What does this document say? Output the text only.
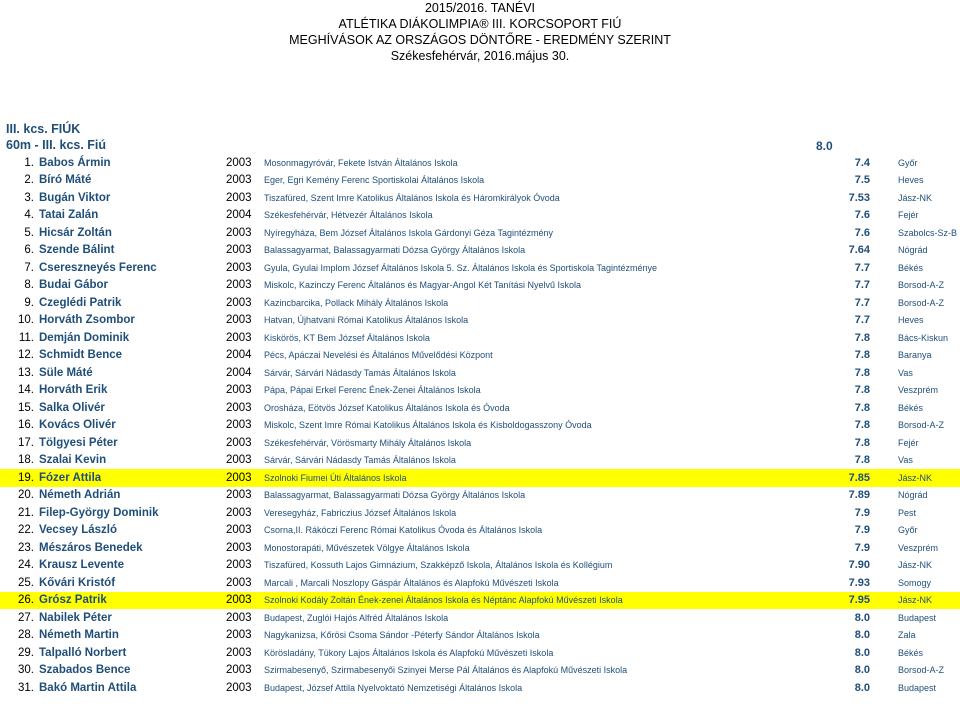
2015/2016. TANÉVI
ATLÉTIKA DIÁKOLIMPIA® III. KORCSOPORT FIÚ
MEGHÍVÁSOK AZ ORSZÁGOS DÖNTŐRE - EREDMÉNY SZERINT
Székesfehérvár, 2016.május 30.
III. kcs. FIÚK
60m - III. kcs. Fiú	8.0
1.	Babos Ármin	2003	Mosonmagyróvár, Fekete István Általános Iskola	7.4	Győr
2.	Bíró Máté	2003	Eger, Egri Kemény Ferenc Sportiskolai Általános Iskola	7.5	Heves
3.	Bugán Viktor	2003	Tiszafüred, Szent Imre Katolikus Általános Iskola és Háromkirályok Óvoda	7.53	Jász-NK
4.	Tatai Zalán	2004	Székesfehérvár, Hétvezér Általános Iskola	7.6	Fejér
5.	Hicsár Zoltán	2003	Nyíregyháza, Bem József Általános Iskola Gárdonyi Géza Tagintézmény	7.6	Szabolcs-Sz-B
6.	Szende Bálint	2003	Balassagyarmat, Balassagyarmati Dózsa György Általános Iskola	7.64	Nógrád
7.	Csereszneyés Ferenc	2003	Gyula, Gyulai Implom József Általános Iskola 5. Sz. Általános Iskola és Sportiskola Tagintézménye	7.7	Békés
8.	Budai Gábor	2003	Miskolc, Kazinczy Ferenc Általános és Magyar-Angol Két Tanítási Nyelvű Iskola	7.7	Borsod-A-Z
9.	Czeglédi Patrik	2003	Kazincbarcika, Pollack Mihály Általános Iskola	7.7	Borsod-A-Z
10.	Horváth Zsombor	2003	Hatvan, Újhatvani Római Katolikus Általános Iskola	7.7	Heves
11.	Demján Dominik	2003	Kiskörös, KT Bem József Általános Iskola	7.8	Bács-Kiskun
12.	Schmidt Bence	2004	Pécs, Apáczai Nevelési és Általános Művelődési Központ	7.8	Baranya
13.	Süle Máté	2004	Sárvár, Sárvári Nádasdy Tamás Általános Iskola	7.8	Vas
14.	Horváth Erik	2003	Pápa, Pápai Erkel Ferenc Ének-Zenei Általános Iskola	7.8	Veszprém
15.	Salka Olivér	2003	Orosháza, Eötvös József Katolikus Általános Iskola és Óvoda	7.8	Békés
16.	Kovács Olivér	2003	Miskolc, Szent Imre Római Katolikus Általános Iskola és Kisboldogasszony Óvoda	7.8	Borsod-A-Z
17.	Tölgyesi Péter	2003	Székesfehérvár, Vörösmarty Mihály Általános Iskola	7.8	Fejér
18.	Szalai Kevin	2003	Sárvár, Sárvári Nádasdy Tamás Általános Iskola	7.8	Vas
19.	Fózer Attila	2003	Szolnoki Fiumei Úti Általános Iskola	7.85	Jász-NK
20.	Németh Adrián	2003	Balassagyarmat, Balassagyarmati Dózsa György Általános Iskola	7.89	Nógrád
21.	Filep-György Dominik	2003	Veresegyház, Fabriczius József Általános Iskola	7.9	Pest
22.	Vecsey László	2003	Csorna,II. Rákóczi Ferenc Római Katolikus Óvoda és Általános Iskola	7.9	Győr
23.	Mészáros Benedek	2003	Monostorapáti, Művészetek Völgye Általános Iskola	7.9	Veszprém
24.	Krausz Levente	2003	Tiszafüred, Kossuth Lajos Gimnázium, Szakképző Iskola, Általános Iskola és Kollégium	7.90	Jász-NK
25.	Kővári Kristóf	2003	Marcali , Marcali Noszlopy Gáspár Általános és Alapfokú Művészeti Iskola	7.93	Somogy
26.	Grósz Patrik	2003	Szolnoki Kodály Zoltán Ének-zenei Általános Iskola és Néptánc Alapfokú Művészeti Iskola	7.95	Jász-NK
27.	Nabilek Péter	2003	Budapest, Zuglói Hajós Alfréd Általános Iskola	8.0	Budapest
28.	Németh Martin	2003	Nagykanizsa, Kőrösi Csoma Sándor -Péterfy Sándor Általános Iskola	8.0	Zala
29.	Talpalló Norbert	2003	Körösladány, Tükory Lajos Általános Iskola és Alapfokú Művészeti Iskola	8.0	Békés
30.	Szabados Bence	2003	Szirmabesenyő, Szirmabesenyői Szinyei Merse Pál Általános és Alapfokú Művészeti Iskola	8.0	Borsod-A-Z
31.	Bakó Martin Attila	2003	Budapest, József Attila Nyelvoktató Nemzetiségi Általános Iskola	8.0	Budapest
